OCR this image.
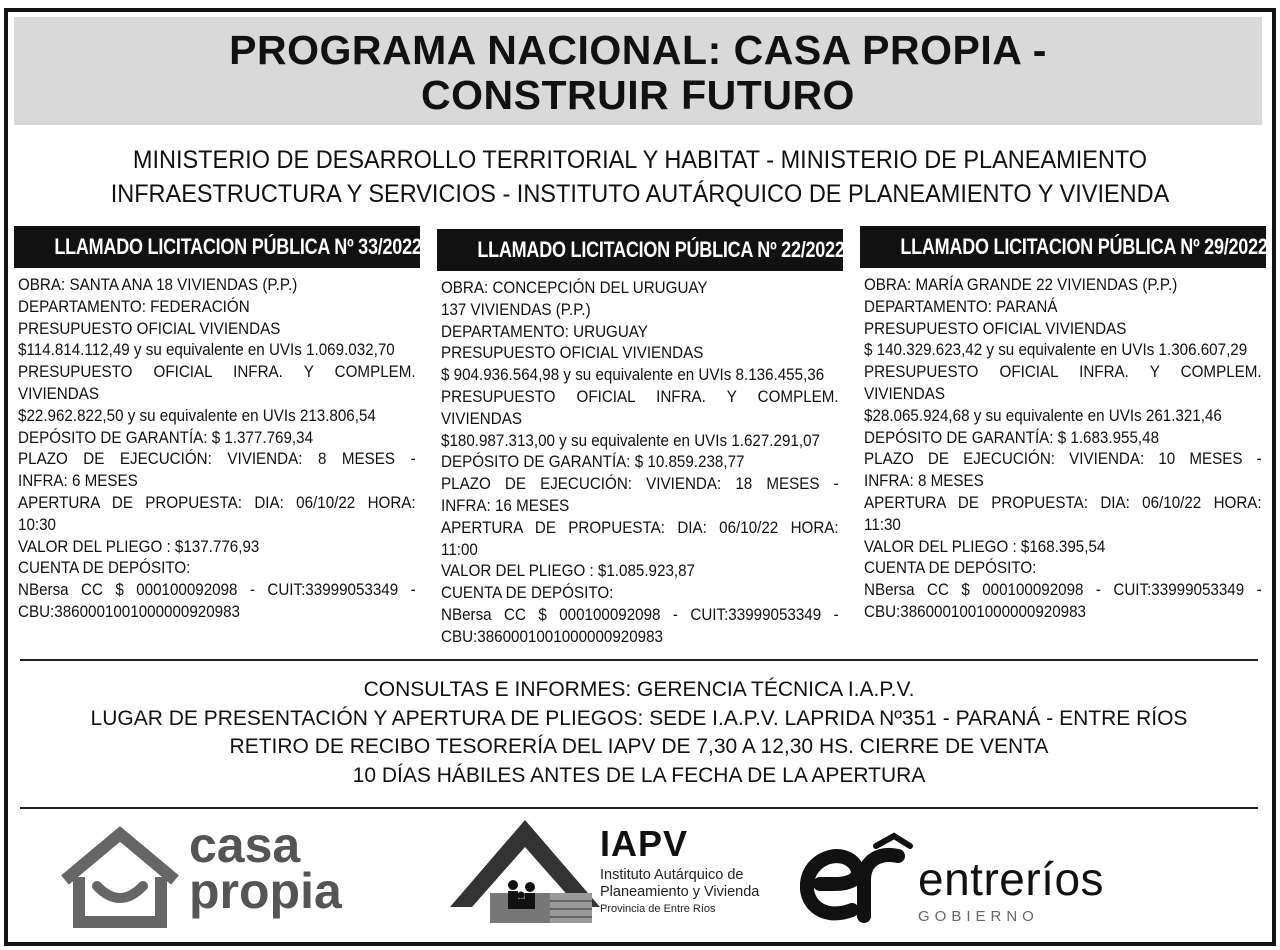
PROGRAMA NACIONAL: CASA PROPIA -
CONSTRUIR FUTURO
MINISTERIO DE DESARROLLO TERRITORIAL Y HABITAT - MINISTERIO DE PLANEAMIENTO
INFRAESTRUCTURA Y SERVICIOS - INSTITUTO AUTÁRQUICO DE PLANEAMIENTO Y VIVIENDA
LLAMADO LICITACION PÚBLICA Nº 33/2022
OBRA: SANTA ANA 18 VIVIENDAS (P.P.)
DEPARTAMENTO: FEDERACIÓN
PRESUPUESTO OFICIAL VIVIENDAS
$114.814.112,49 y su equivalente en UVIs 1.069.032,70
PRESUPUESTO OFICIAL INFRA. Y COMPLEM.
VIVIENDAS
$22.962.822,50 y su equivalente en UVIs 213.806,54
DEPÓSITO DE GARANTÍA: $ 1.377.769,34
PLAZO DE EJECUCIÓN: VIVIENDA: 8 MESES -
INFRA: 6 MESES
APERTURA DE PROPUESTA: DIA: 06/10/22 HORA:
10:30
VALOR DEL PLIEGO : $137.776,93
CUENTA DE DEPÓSITO:
NBersa CC $ 000100092098 - CUIT:33999053349 -
CBU:3860001001000000920983
LLAMADO LICITACION PÚBLICA Nº 22/2022
OBRA: CONCEPCIÓN DEL URUGUAY
137 VIVIENDAS (P.P.)
DEPARTAMENTO: URUGUAY
PRESUPUESTO OFICIAL VIVIENDAS
$ 904.936.564,98 y su equivalente en UVIs 8.136.455,36
PRESUPUESTO OFICIAL INFRA. Y COMPLEM.
VIVIENDAS
$180.987.313,00 y su equivalente en UVIs 1.627.291,07
DEPÓSITO DE GARANTÍA: $ 10.859.238,77
PLAZO DE EJECUCIÓN: VIVIENDA: 18 MESES -
INFRA: 16 MESES
APERTURA DE PROPUESTA: DIA: 06/10/22 HORA:
11:00
VALOR DEL PLIEGO : $1.085.923,87
CUENTA DE DEPÓSITO:
NBersa CC $ 000100092098 - CUIT:33999053349 -
CBU:3860001001000000920983
LLAMADO LICITACION PÚBLICA Nº 29/2022
OBRA: MARÍA GRANDE 22 VIVIENDAS (P.P.)
DEPARTAMENTO: PARANÁ
PRESUPUESTO OFICIAL VIVIENDAS
$ 140.329.623,42 y su equivalente en UVIs 1.306.607,29
PRESUPUESTO OFICIAL INFRA. Y COMPLEM.
VIVIENDAS
$28.065.924,68 y su equivalente en UVIs 261.321,46
DEPÓSITO DE GARANTÍA: $ 1.683.955,48
PLAZO DE EJECUCIÓN: VIVIENDA: 10 MESES -
INFRA: 8 MESES
APERTURA DE PROPUESTA: DIA: 06/10/22 HORA:
11:30
VALOR DEL PLIEGO : $168.395,54
CUENTA DE DEPÓSITO:
NBersa CC $ 000100092098 - CUIT:33999053349 -
CBU:3860001001000000920983
CONSULTAS E INFORMES: GERENCIA TÉCNICA I.A.P.V.
LUGAR DE PRESENTACIÓN Y APERTURA DE PLIEGOS: SEDE I.A.P.V. LAPRIDA Nº351 - PARANÁ - ENTRE RÍOS
RETIRO DE RECIBO TESORERÍA DEL IAPV DE 7,30 A 12,30 HS. CIERRE DE VENTA
10 DÍAS HÁBILES ANTES DE LA FECHA DE LA APERTURA
casa
propia
IAPV
Instituto Autárquico de
Planeamiento y Vivienda
Provincia de Entre Ríos
entreríos
GOBIERNO
